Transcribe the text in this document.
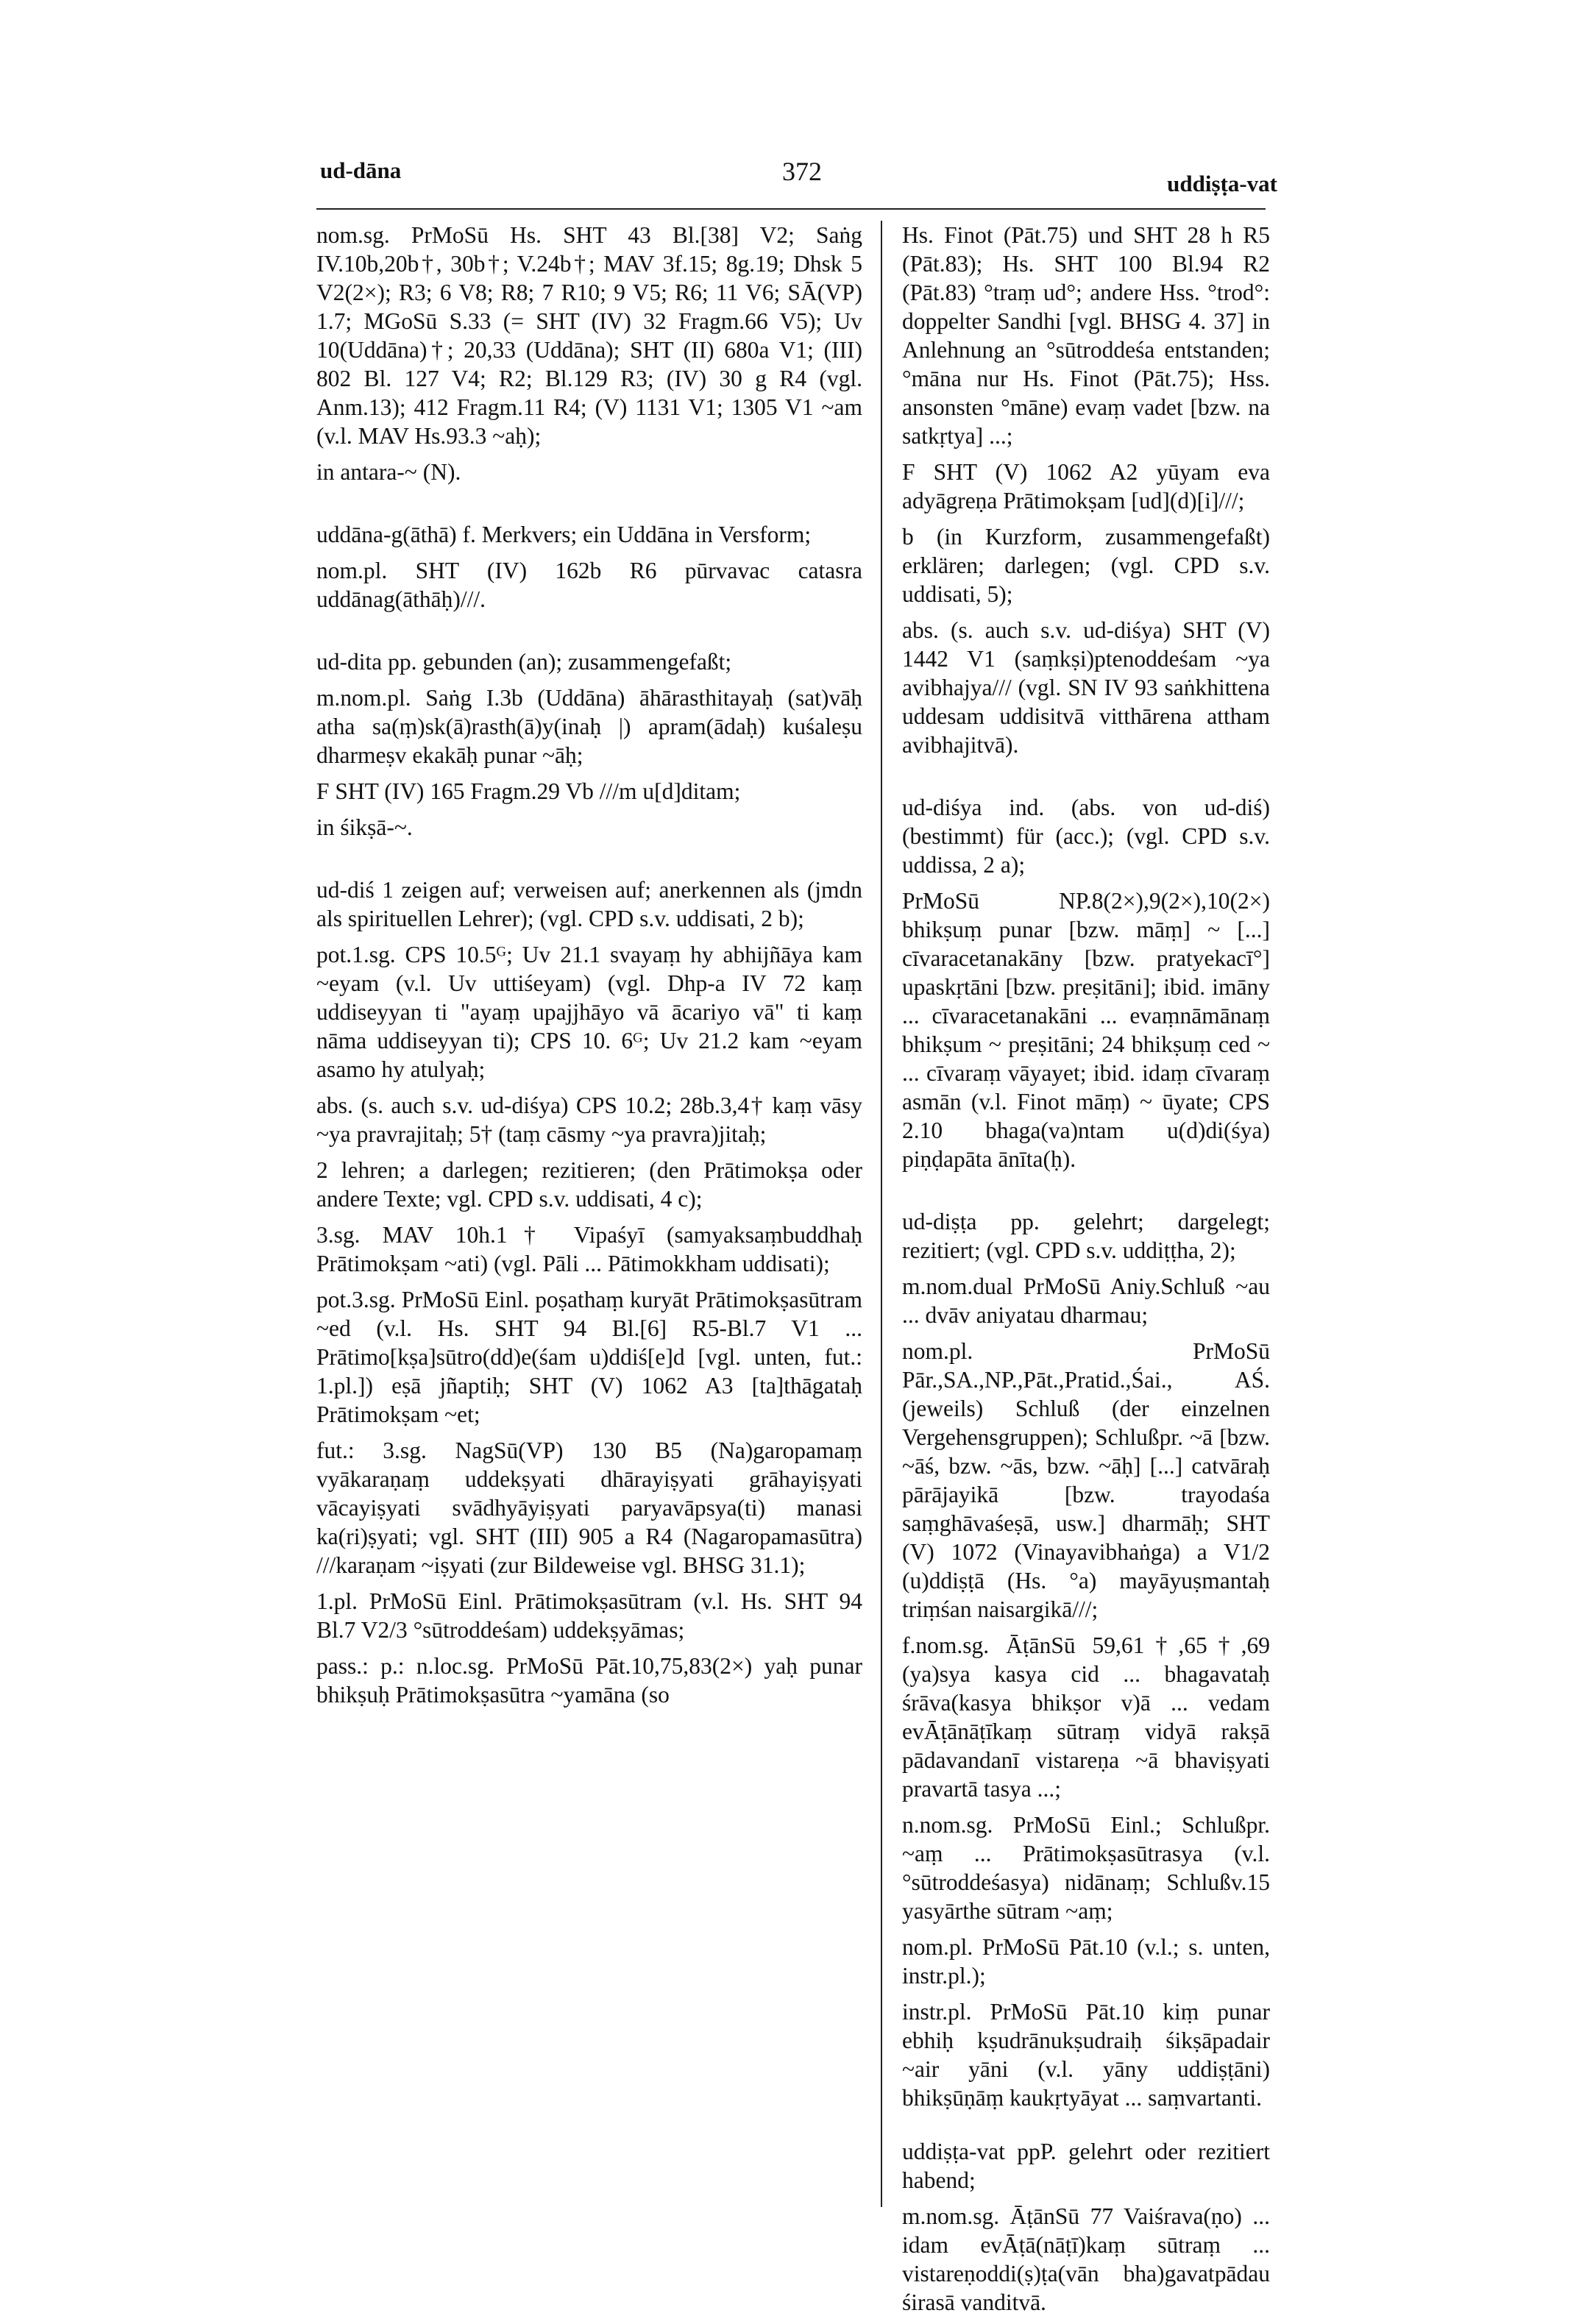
ud-dāna	372	uddiṣṭa-vat

nom.sg. PrMoSū Hs. SHT 43 Bl.[38] V2; Saṅg IV.10b,20b†, 30b†; V.24b†; MAV 3f.15; 8g.19; Dhsk 5 V2(2×); R3; 6 V8; R8; 7 R10; 9 V5; R6; 11 V6; SĀ(VP) 1.7; MGoSū S.33 (= SHT (IV) 32 Fragm.66 V5); Uv 10(Uddāna)†; 20,33 (Uddāna); SHT (II) 680a V1; (III) 802 Bl. 127 V4; R2; Bl.129 R3; (IV) 30 g R4 (vgl. Anm.13); 412 Fragm.11 R4; (V) 1131 V1; 1305 V1 ~am (v.l. MAV Hs.93.3 ~aḥ);

in antara-~ (N).

uddāna-g(āthā) f. Merkvers; ein Uddāna in Versform;

nom.pl. SHT (IV) 162b R6 pūrvavac catasra uddānag(āthāḥ)///.

ud-dita pp. gebunden (an); zusammengefaßt;

m.nom.pl. Saṅg I.3b (Uddāna) āhārasthitayaḥ (sat)vāḥ atha sa(ṃ)sk(ā)rasth(ā)y(inaḥ |) apram(ādaḥ) kuśaleṣu dharmeṣv ekakāḥ punar ~āḥ;

F SHT (IV) 165 Fragm.29 Vb ///m u[d]ditam;

in śikṣā-~.

ud-diś 1 zeigen auf; verweisen auf; anerkennen als (jmdn als spirituellen Lehrer); (vgl. CPD s.v. uddisati, 2 b);

pot.1.sg. CPS 10.5ᴳ; Uv 21.1 svayaṃ hy abhijñāya kam ~eyam (v.l. Uv uttiśeyam) (vgl. Dhp-a IV 72 kaṃ uddiseyyan ti "ayaṃ upajjhāyo vā ācariyo vā" ti kaṃ nāma uddiseyyan ti); CPS 10. 6ᴳ; Uv 21.2 kam ~eyam asamo hy atulyaḥ;

abs. (s. auch s.v. ud-diśya) CPS 10.2; 28b.3,4† kaṃ vāsy ~ya pravrajitaḥ; 5† (taṃ cāsmy ~ya pravra)jitaḥ;

2 lehren; a darlegen; rezitieren; (den Prātimokṣa oder andere Texte; vgl. CPD s.v. uddisati, 4 c);

3.sg. MAV 10h.1† Vipaśyī (samyaksaṃbuddhaḥ Prātimokṣam ~ati) (vgl. Pāli ... Pātimokkham uddisati);

pot.3.sg. PrMoSū Einl. poṣathaṃ kuryāt Prātimokṣasūtram ~ed (v.l. Hs. SHT 94 Bl.[6] R5-Bl.7 V1 ... Prātimo[kṣa]sūtro(dd)e(śam u)ddiś[e]d [vgl. unten, fut.: 1.pl.]) eṣā jñaptiḥ; SHT (V) 1062 A3 [ta]thāgataḥ Prātimokṣam ~et;

fut.: 3.sg. NagSū(VP) 130 B5 (Na)garopamaṃ vyākaraṇaṃ uddekṣyati dhārayiṣyati grāhayiṣyati vācayiṣyati svādhyāyiṣyati paryavāpsya(ti) manasi ka(ri)ṣyati; vgl. SHT (III) 905 a R4 (Nagaropamasūtra) ///karaṇam ~iṣyati (zur Bildeweise vgl. BHSG 31.1);

1.pl. PrMoSū Einl. Prātimokṣasūtram (v.l. Hs. SHT 94 Bl.7 V2/3 °sūtroddeśam) uddekṣyāmas;

pass.: p.: n.loc.sg. PrMoSū Pāt.10,75,83(2×) yaḥ punar bhikṣuḥ Prātimokṣasūtra ~yamāna (so

Hs. Finot (Pāt.75) und SHT 28 h R5 (Pāt.83); Hs. SHT 100 Bl.94 R2 (Pāt.83) °traṃ ud°; andere Hss. °trod°: doppelter Sandhi [vgl. BHSG 4. 37] in Anlehnung an °sūtroddeśa entstanden; °māna nur Hs. Finot (Pāt.75); Hss. ansonsten °māne) evaṃ vadet [bzw. na satkṛtya] ...;

F SHT (V) 1062 A2 yūyam eva adyāgreṇa Prātimokṣam [ud](d)[i]///;

b (in Kurzform, zusammengefaßt) erklären; darlegen; (vgl. CPD s.v. uddisati, 5);

abs. (s. auch s.v. ud-diśya) SHT (V) 1442 V1 (saṃkṣi)ptenoddeśam ~ya avibhajya/// (vgl. SN IV 93 saṅkhittena uddesam uddisitvā vitthārena attham avibhajitvā).

ud-diśya ind. (abs. von ud-diś) (bestimmt) für (acc.); (vgl. CPD s.v. uddissa, 2 a);

PrMoSū NP.8(2×),9(2×),10(2×) bhikṣuṃ punar [bzw. māṃ] ~ [...] cīvaracetanakāny [bzw. pratyekacī°] upaskṛtāni [bzw. preṣitāni]; ibid. imāny ... cīvaracetanakāni ... evaṃnāmānaṃ bhikṣum ~ preṣitāni; 24 bhikṣuṃ ced ~ ... cīvaraṃ vāyayet; ibid. idaṃ cīvaraṃ asmān (v.l. Finot māṃ) ~ ūyate; CPS 2.10 bhaga(va)ntam u(d)di(śya) piṇḍapāta ānīta(ḥ).

ud-diṣṭa pp. gelehrt; dargelegt; rezitiert; (vgl. CPD s.v. uddiṭṭha, 2);

m.nom.dual PrMoSū Aniy.Schluß ~au ... dvāv aniyatau dharmau;

nom.pl. PrMoSū Pār.,SA.,NP.,Pāt.,Pratid.,Śai., AŚ. (jeweils) Schluß (der einzelnen Vergehensgruppen); Schlußpr. ~ā [bzw. ~āś, bzw. ~ās, bzw. ~āḥ] [...] catvāraḥ pārājayikā [bzw. trayodaśa saṃghāvaśeṣā, usw.] dharmāḥ; SHT (V) 1072 (Vinayavibhaṅga) a V1/2 (u)ddiṣṭā (Hs. °a) mayāyuṣmantaḥ triṃśan naisargikā///;

f.nom.sg. ĀṭānSū 59,61†,65†,69 (ya)sya kasya cid ... bhagavataḥ śrāva(kasya bhikṣor v)ā ... vedam evĀṭānāṭīkaṃ sūtraṃ vidyā rakṣā pādavandanī vistareṇa ~ā bhaviṣyati pravartā tasya ...;

n.nom.sg. PrMoSū Einl.; Schlußpr. ~aṃ ... Prātimokṣasūtrasya (v.l. °sūtroddeśasya) nidānaṃ; Schlußv.15 yasyārthe sūtram ~aṃ;

nom.pl. PrMoSū Pāt.10 (v.l.; s. unten, instr.pl.);

instr.pl. PrMoSū Pāt.10 kiṃ punar ebhiḥ kṣudrānukṣudraiḥ śikṣāpadair ~air yāni (v.l. yāny uddiṣṭāni) bhikṣūṇāṃ kaukṛtyāyat ... saṃvartanti.

uddiṣṭa-vat ppP. gelehrt oder rezitiert habend;

m.nom.sg. ĀṭānSū 77 Vaiśrava(ṇo) ... idam evĀṭā(nāṭī)kaṃ sūtraṃ ... vistareṇoddi(ṣ)ṭa(vān bha)gavatpādau śirasā vanditvā.
